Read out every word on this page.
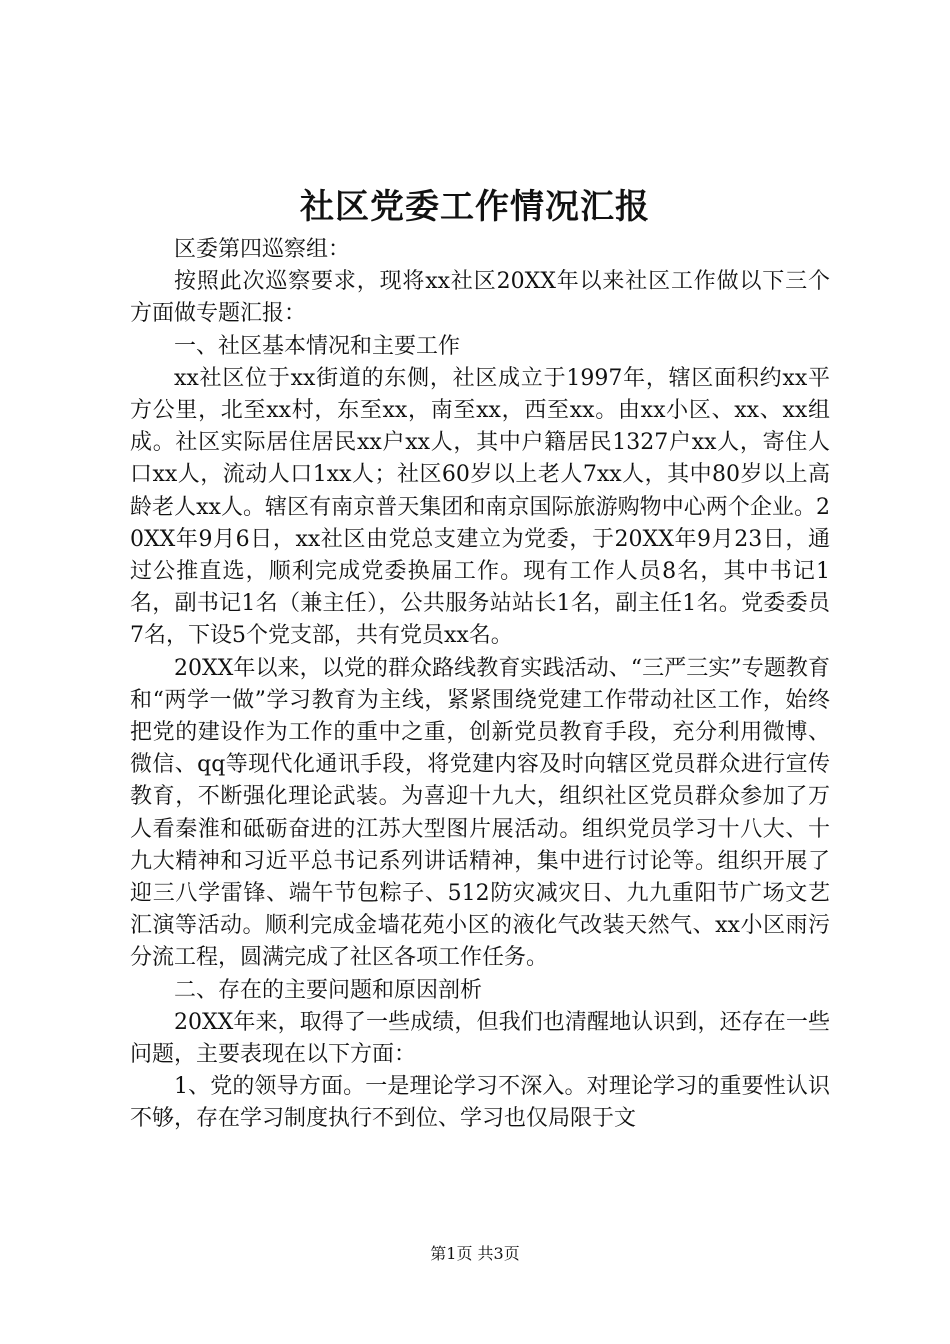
社区党委工作情况汇报

区委第四巡察组：

按照此次巡察要求，现将xx社区20XX年以来社区工作做以下三个方面做专题汇报：

一、社区基本情况和主要工作

xx社区位于xx街道的东侧，社区成立于1997年，辖区面积约xx平方公里，北至xx村，东至xx，南至xx，西至xx。由xx小区、xx、xx组成。社区实际居住居民xx户xx人，其中户籍居民1327户xx人，寄住人口xx人，流动人口1xx人；社区60岁以上老人7xx人，其中80岁以上高龄老人xx人。辖区有南京普天集团和南京国际旅游购物中心两个企业。20XX年9月6日，xx社区由党总支建立为党委，于20XX年9月23日，通过公推直选，顺利完成党委换届工作。现有工作人员8名，其中书记1名，副书记1名（兼主任），公共服务站站长1名，副主任1名。党委委员7名，下设5个党支部，共有党员xx名。

20XX年以来，以党的群众路线教育实践活动、“三严三实”专题教育和“两学一做”学习教育为主线，紧紧围绕党建工作带动社区工作，始终把党的建设作为工作的重中之重，创新党员教育手段，充分利用微博、微信、qq等现代化通讯手段，将党建内容及时向辖区党员群众进行宣传教育，不断强化理论武装。为喜迎十九大，组织社区党员群众参加了万人看秦淮和砥砺奋进的江苏大型图片展活动。组织党员学习十八大、十九大精神和习近平总书记系列讲话精神，集中进行讨论等。组织开展了迎三八学雷锋、端午节包粽子、512防灾减灾日、九九重阳节广场文艺汇演等活动。顺利完成金墙花苑小区的液化气改装天然气、xx小区雨污分流工程，圆满完成了社区各项工作任务。

二、存在的主要问题和原因剖析

20XX年来，取得了一些成绩，但我们也清醒地认识到，还存在一些问题，主要表现在以下方面：

1、党的领导方面。一是理论学习不深入。对理论学习的重要性认识不够，存在学习制度执行不到位、学习也仅局限于文

第1页 共3页
